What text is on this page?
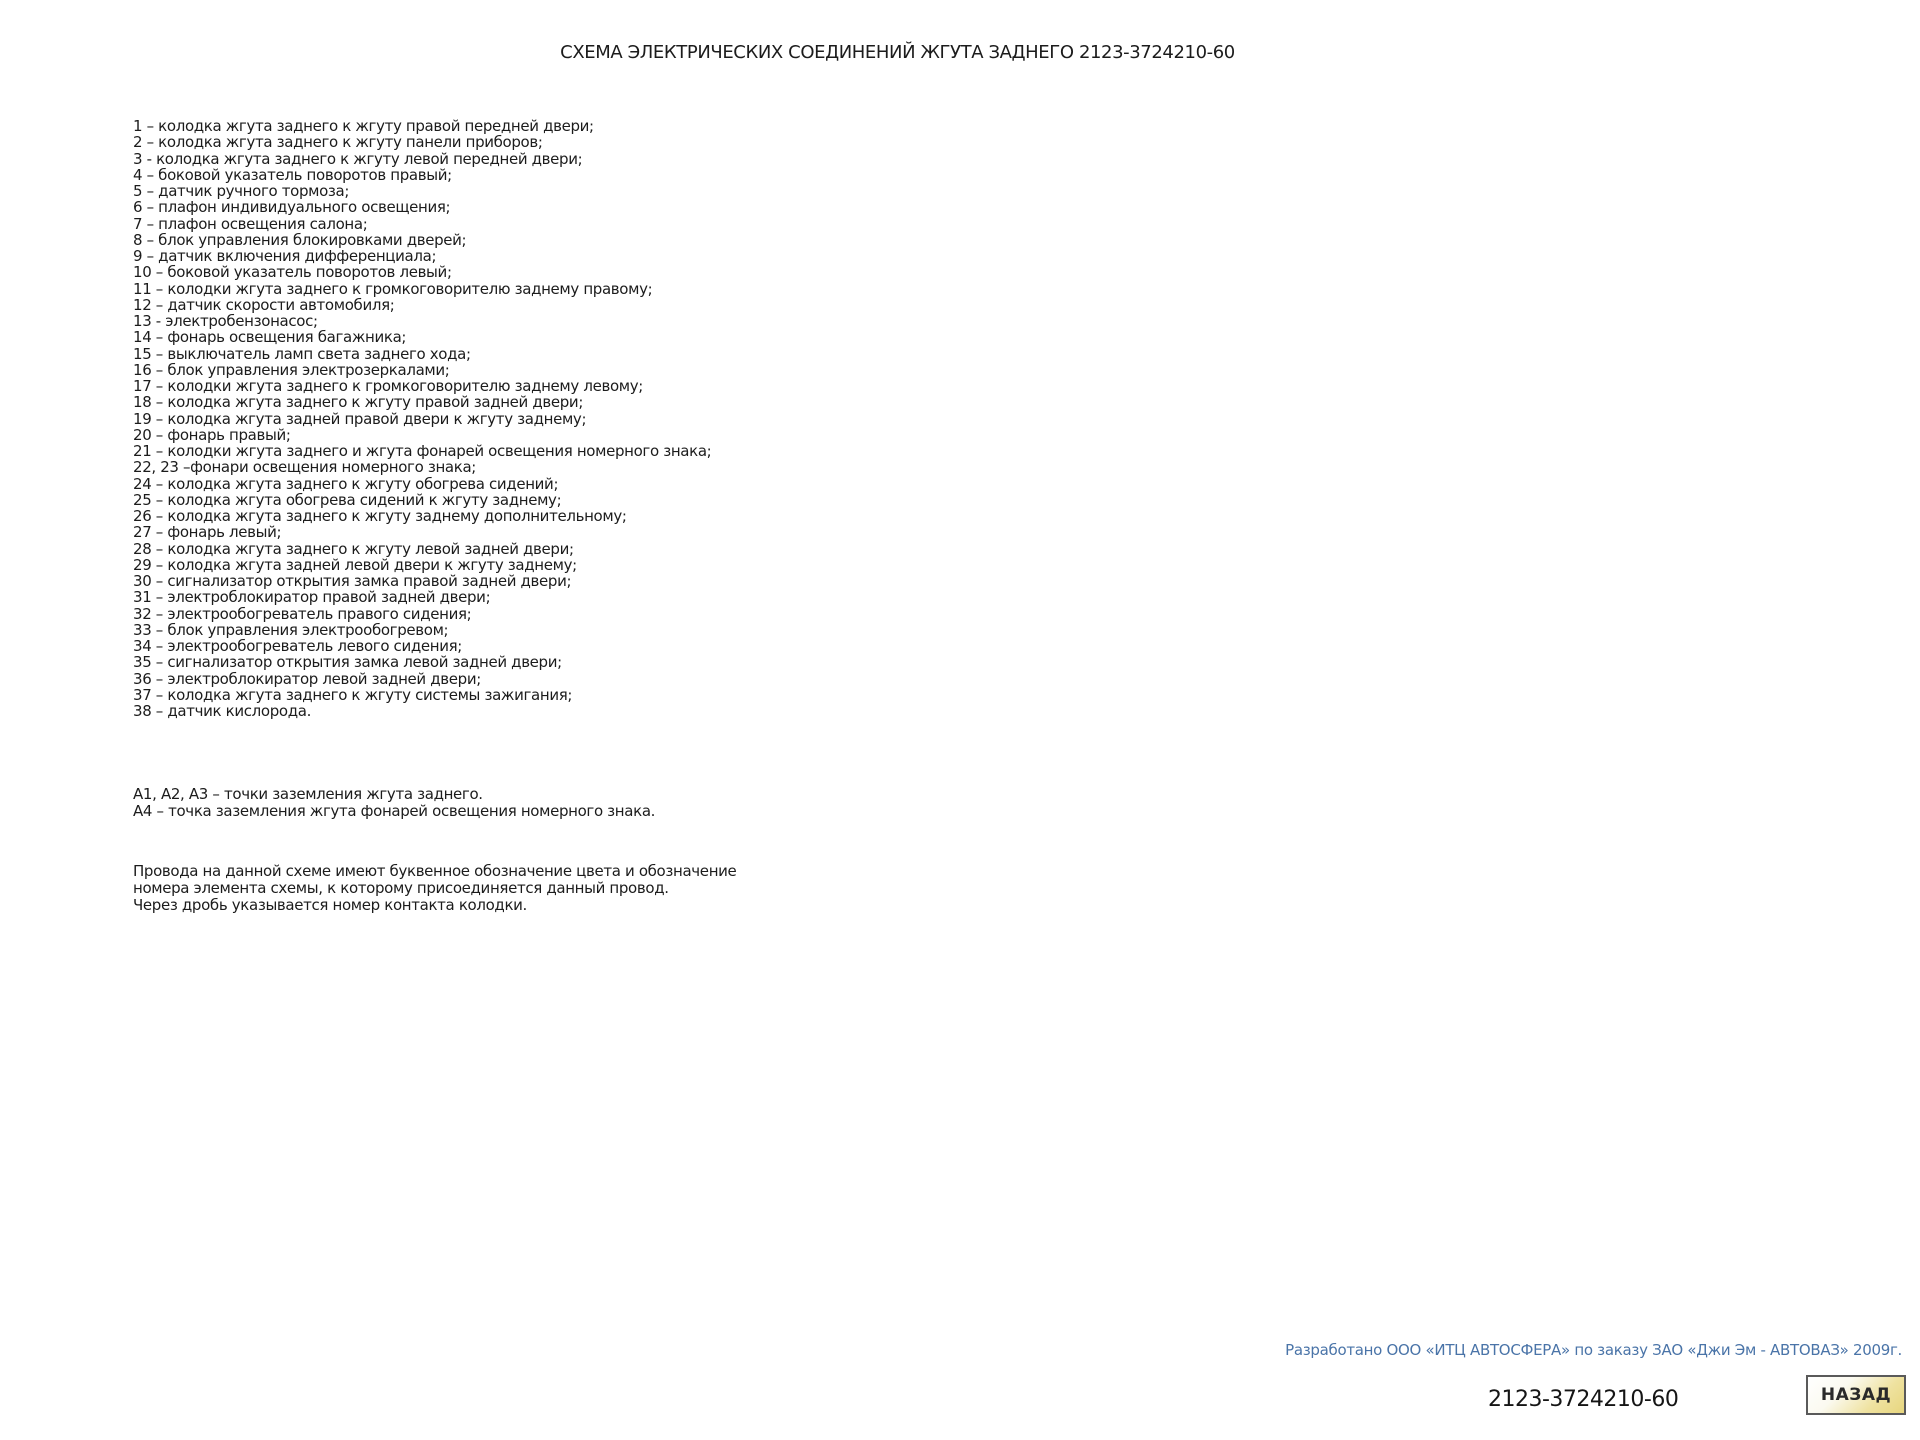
СХЕМА ЭЛЕКТРИЧЕСКИХ СОЕДИНЕНИЙ ЖГУТА ЗАДНЕГО 2123-3724210-60
1 – колодка жгута заднего к жгуту правой передней двери;
2 – колодка жгута заднего к жгуту панели приборов;
3 - колодка жгута заднего к жгуту левой передней двери;
4 – боковой указатель поворотов правый;
5 – датчик ручного тормоза;
6 – плафон индивидуального освещения;
7 – плафон освещения салона;
8 – блок управления блокировками дверей;
9 – датчик включения дифференциала;
10 – боковой указатель поворотов левый;
11 – колодки жгута заднего к громкоговорителю заднему правому;
12 – датчик скорости автомобиля;
13 - электробензонасос;
14 – фонарь освещения багажника;
15 – выключатель ламп света заднего хода;
16 – блок управления электрозеркалами;
17 – колодки жгута заднего к громкоговорителю заднему левому;
18 – колодка жгута заднего к жгуту правой задней двери;
19 – колодка жгута задней правой двери к жгуту заднему;
20 – фонарь правый;
21 – колодки жгута заднего и жгута фонарей освещения номерного знака;
22, 23 –фонари освещения номерного знака;
24 – колодка жгута заднего к жгуту обогрева сидений;
25 – колодка жгута обогрева сидений к жгуту заднему;
26 – колодка жгута заднего к жгуту заднему дополнительному;
27 – фонарь левый;
28 – колодка жгута заднего к жгуту левой задней двери;
29 – колодка жгута задней левой двери к жгуту заднему;
30 – сигнализатор открытия замка правой задней двери;
31 – электроблокиратор правой задней двери;
32 – электрообогреватель правого сидения;
33 – блок управления электрообогревом;
34 – электрообогреватель левого сидения;
35 – сигнализатор открытия замка левой задней двери;
36 – электроблокиратор левой задней двери;
37 – колодка жгута заднего к жгуту системы зажигания;
38 – датчик кислорода.
А1, А2, А3 – точки заземления жгута заднего.
А4 – точка заземления жгута фонарей освещения номерного знака.
Провода на данной схеме имеют буквенное обозначение цвета и обозначение
номера элемента схемы, к которому присоединяется данный провод.
Через дробь указывается номер контакта колодки.
Разработано ООО «ИТЦ АВТОСФЕРА» по заказу ЗАО «Джи Эм - АВТОВАЗ» 2009г.
2123-3724210-60	НАЗАД
